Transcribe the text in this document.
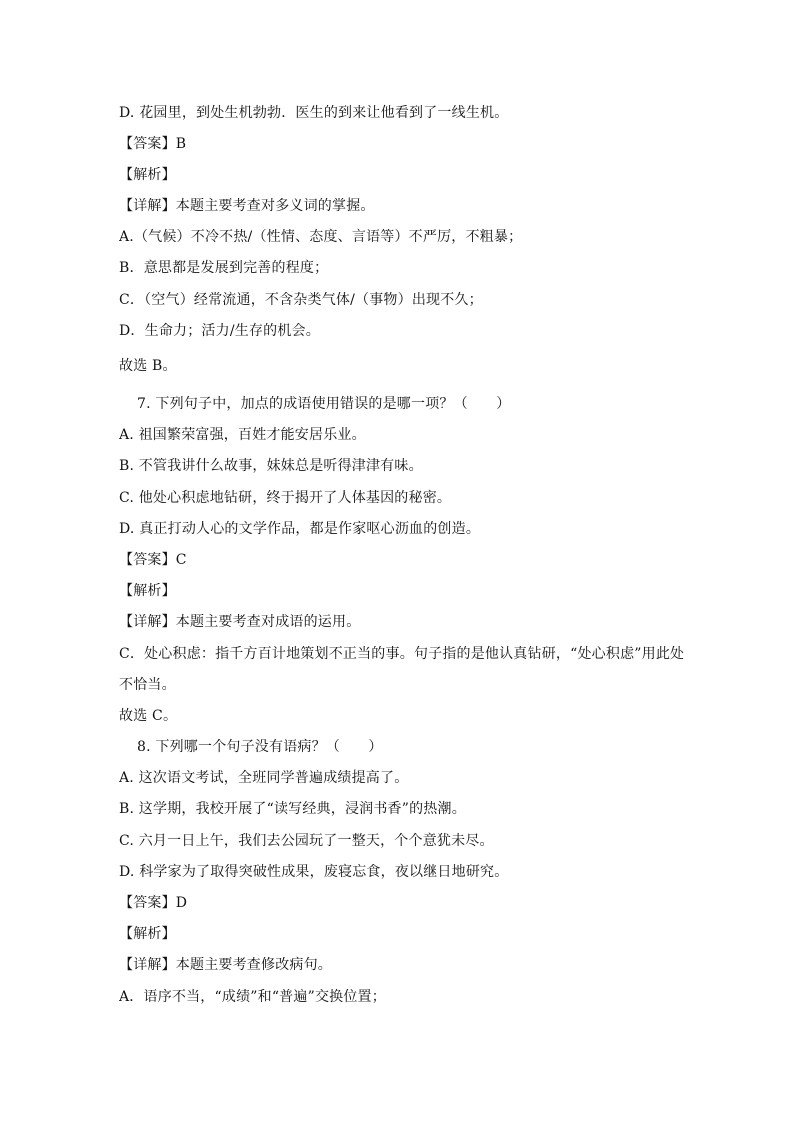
D. 花园里，到处生机勃勃．医生的到来让他看到了一线生机。
【答案】B
【解析】
【详解】本题主要考查对多义词的掌握。
A.（气候）不冷不热/（性情、态度、言语等）不严厉，不粗暴；
B．意思都是发展到完善的程度；
C．（空气）经常流通，不含杂类气体/（事物）出现不久；
D．生命力；活力/生存的机会。
故选 B。
7. 下列句子中，加点的成语使用错误的是哪一项？（　　）
A. 祖国繁荣富强，百姓才能安居乐业。
B. 不管我讲什么故事，妹妹总是听得津津有味。
C. 他处心积虑地钻研，终于揭开了人体基因的秘密。
D. 真正打动人心的文学作品，都是作家呕心沥血的创造。
【答案】C
【解析】
【详解】本题主要考查对成语的运用。
C．处心积虑：指千方百计地策划不正当的事。句子指的是他认真钻研，“处心积虑”用此处
不恰当。
故选 C。
8. 下列哪一个句子没有语病？（　　）
A. 这次语文考试，全班同学普遍成绩提高了。
B. 这学期，我校开展了“读写经典，浸润书香”的热潮。
C. 六月一日上午，我们去公园玩了一整天，个个意犹未尽。
D. 科学家为了取得突破性成果，废寝忘食，夜以继日地研究。
【答案】D
【解析】
【详解】本题主要考查修改病句。
A．语序不当，“成绩”和“普遍”交换位置；
